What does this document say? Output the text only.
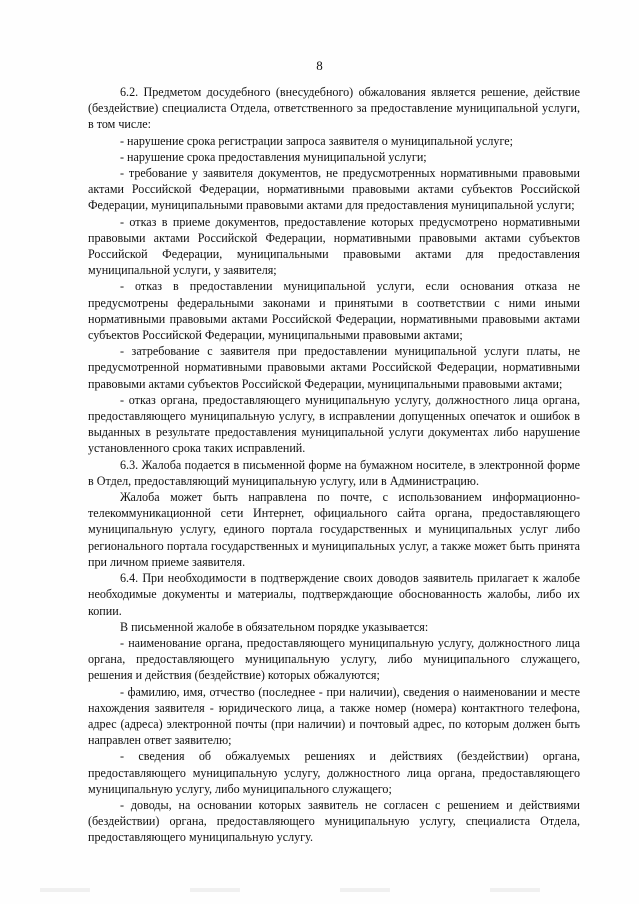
8

6.2. Предметом досудебного (внесудебного) обжалования является решение, действие (бездействие) специалиста Отдела, ответственного за предоставление муниципальной услуги, в том числе:

- нарушение срока регистрации запроса заявителя о муниципальной услуге;

- нарушение срока предоставления муниципальной услуги;

- требование у заявителя документов, не предусмотренных нормативными правовыми актами Российской Федерации, нормативными правовыми актами субъектов Российской Федерации, муниципальными правовыми актами для предоставления муниципальной услуги;

- отказ в приеме документов, предоставление которых предусмотрено нормативными правовыми актами Российской Федерации, нормативными правовыми актами субъектов Российской Федерации, муниципальными правовыми актами для предоставления муниципальной услуги, у заявителя;

- отказ в предоставлении муниципальной услуги, если основания отказа не предусмотрены федеральными законами и принятыми в соответствии с ними иными нормативными правовыми актами Российской Федерации, нормативными правовыми актами субъектов Российской Федерации, муниципальными правовыми актами;

- затребование с заявителя при предоставлении муниципальной услуги платы, не предусмотренной нормативными правовыми актами Российской Федерации, нормативными правовыми актами субъектов Российской Федерации, муниципальными правовыми актами;

- отказ органа, предоставляющего муниципальную услугу, должностного лица органа, предоставляющего муниципальную услугу, в исправлении допущенных опечаток и ошибок в выданных в результате предоставления муниципальной услуги документах либо нарушение установленного срока таких исправлений.

6.3. Жалоба подается в письменной форме на бумажном носителе, в электронной форме в Отдел, предоставляющий муниципальную услугу, или в Администрацию.

Жалоба может быть направлена по почте, с использованием информационно-телекоммуникационной сети Интернет, официального сайта органа, предоставляющего муниципальную услугу, единого портала государственных и муниципальных услуг либо регионального портала государственных и муниципальных услуг, а также может быть принята при личном приеме заявителя.

6.4. При необходимости в подтверждение своих доводов заявитель прилагает к жалобе необходимые документы и материалы, подтверждающие обоснованность жалобы, либо их копии.

В письменной жалобе в обязательном порядке указывается:

- наименование органа, предоставляющего муниципальную услугу, должностного лица органа, предоставляющего муниципальную услугу, либо муниципального служащего, решения и действия (бездействие) которых обжалуются;

- фамилию, имя, отчество (последнее - при наличии), сведения о наименовании и месте нахождения заявителя - юридического лица, а также номер (номера) контактного телефона, адрес (адреса) электронной почты (при наличии) и почтовый адрес, по которым должен быть направлен ответ заявителю;

- сведения об обжалуемых решениях и действиях (бездействии) органа, предоставляющего муниципальную услугу, должностного лица органа, предоставляющего муниципальную услугу, либо муниципального служащего;

- доводы, на основании которых заявитель не согласен с решением и действиями (бездействии) органа, предоставляющего муниципальную услугу, специалиста Отдела, предоставляющего муниципальную услугу.
